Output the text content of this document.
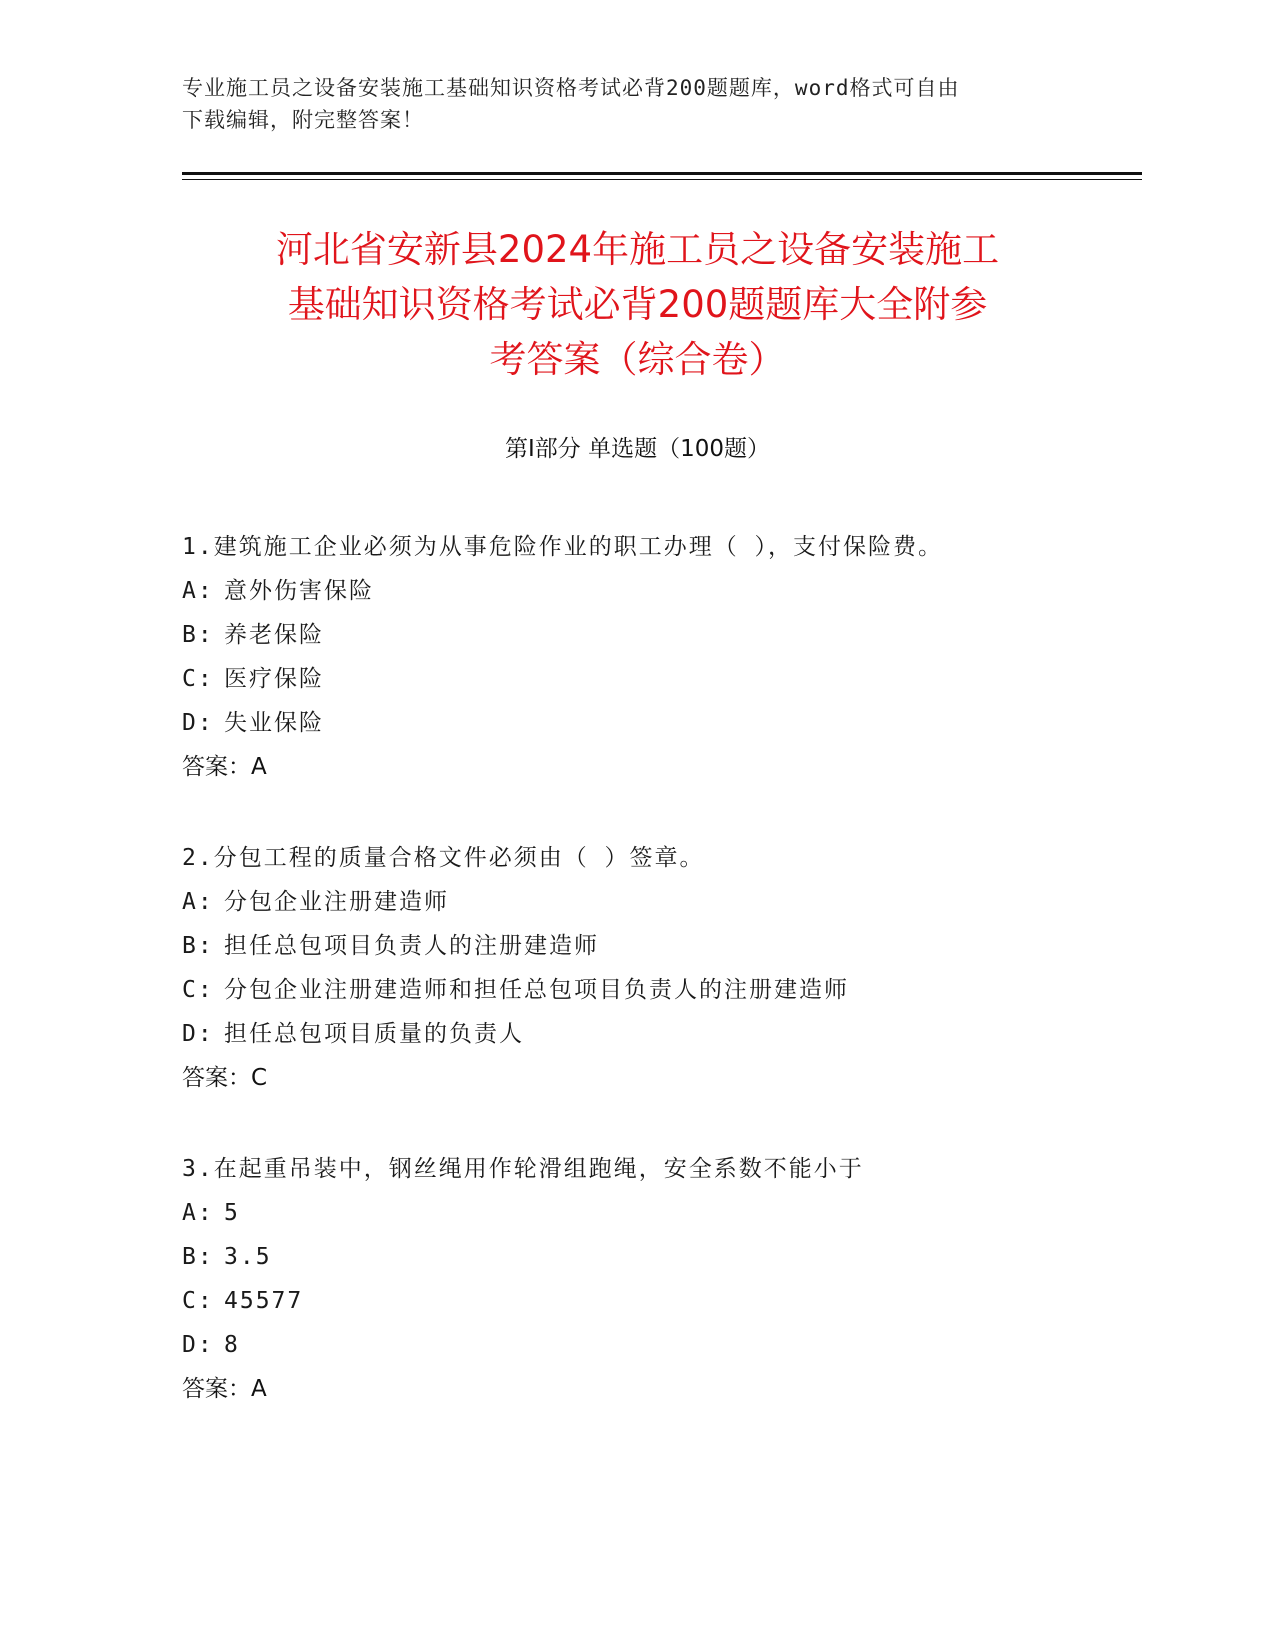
专业施工员之设备安装施工基础知识资格考试必背200题题库，word格式可自由
下载编辑，附完整答案！
河北省安新县2024年施工员之设备安装施工
基础知识资格考试必背200题题库大全附参
考答案（综合卷）
第Ⅰ部分 单选题（100题）
1.建筑施工企业必须为从事危险作业的职工办理（ ），支付保险费。
A: 意外伤害保险
B: 养老保险
C: 医疗保险
D: 失业保险
答案：A
2.分包工程的质量合格文件必须由（ ）签章。
A: 分包企业注册建造师
B: 担任总包项目负责人的注册建造师
C: 分包企业注册建造师和担任总包项目负责人的注册建造师
D: 担任总包项目质量的负责人
答案：C
3.在起重吊装中，钢丝绳用作轮滑组跑绳，安全系数不能小于
A: 5
B: 3.5
C: 45577
D: 8
答案：A
